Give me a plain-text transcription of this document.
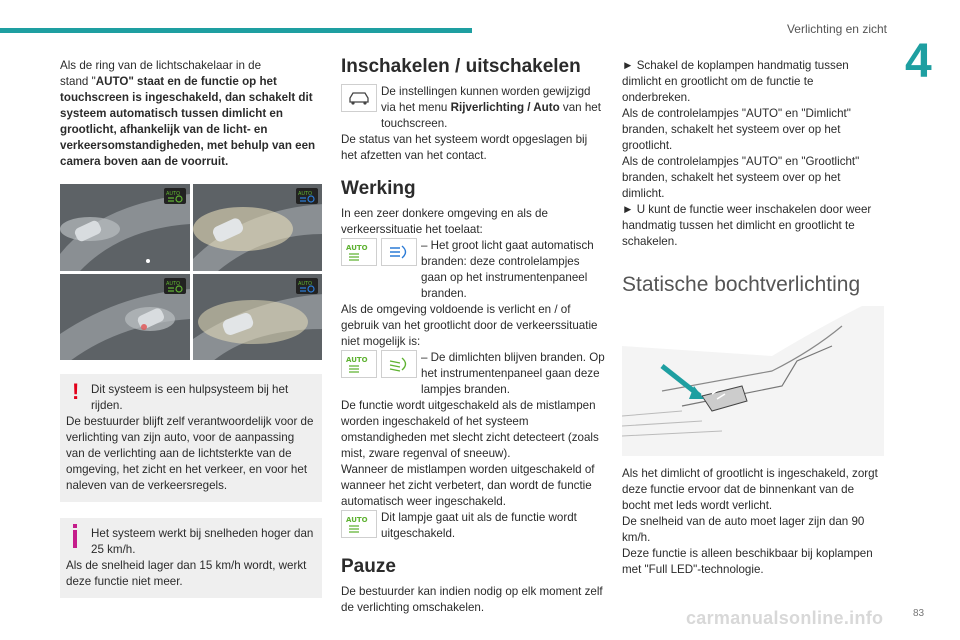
Verlichting en zicht
4

Als de ring van de lichtschakelaar in de
stand "AUTO" staat en de functie op het touchscreen is ingeschakeld, dan schakelt dit systeem automatisch tussen dimlicht en grootlicht, afhankelijk van de licht- en verkeersomstandigheden, met behulp van een camera boven aan de voorruit.

AUTO	AUTO
AUTO	AUTO
!	Dit systeem is een hulpsysteem bij het rijden.

De bestuurder blijft zelf verantwoordelijk voor de verlichting van zijn auto, voor de aanpassing van de verlichting aan de lichtsterkte van de omgeving, het zicht en het verkeer, en voor het naleven van de verkeersregels.

Het systeem werkt bij snelheden hoger dan 25 km/h.

Als de snelheid lager dan 15 km/h wordt, werkt deze functie niet meer.

Inschakelen / uitschakelen

De instellingen kunnen worden gewijzigd via het menu Rijverlichting / Auto van het touchscreen.

De status van het systeem wordt opgeslagen bij het afzetten van het contact.

Werking

In een zeer donkere omgeving en als de verkeerssituatie het toelaat:

AUTO	– Het groot licht gaat automatisch branden: deze controlelampjes gaan op het instrumentenpaneel branden.

Als de omgeving voldoende is verlicht en / of gebruik van het grootlicht door de verkeerssituatie niet mogelijk is:

AUTO	– De dimlichten blijven branden. Op het instrumentenpaneel gaan deze lampjes branden.

De functie wordt uitgeschakeld als de mistlampen worden ingeschakeld of het systeem omstandigheden met slecht zicht detecteert (zoals mist, zware regenval of sneeuw).

Wanneer de mistlampen worden uitgeschakeld of wanneer het zicht verbetert, dan wordt de functie automatisch weer ingeschakeld.

AUTO Dit lampje gaat uit als de functie wordt uitgeschakeld.

Pauze

De bestuurder kan indien nodig op elk moment zelf de verlichting omschakelen.

► Schakel de koplampen handmatig tussen dimlicht en grootlicht om de functie te onderbreken.

Als de controlelampjes "AUTO" en "Dimlicht" branden, schakelt het systeem over op het grootlicht.

Als de controlelampjes "AUTO" en "Grootlicht" branden, schakelt het systeem over op het dimlicht.

► U kunt de functie weer inschakelen door weer handmatig tussen het dimlicht en grootlicht te schakelen.

Statische bochtverlichting

Als het dimlicht of grootlicht is ingeschakeld, zorgt deze functie ervoor dat de binnenkant van de bocht met leds wordt verlicht.

De snelheid van de auto moet lager zijn dan 90 km/h.

Deze functie is alleen beschikbaar bij koplampen met "Full LED"-technologie.

carmanualsonline.info	83
